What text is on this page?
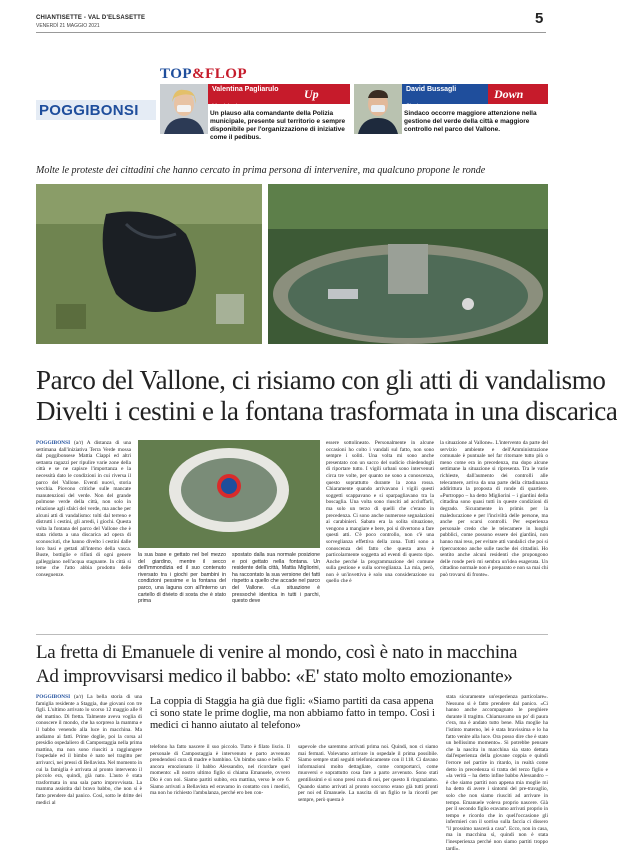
CHIANTISETTE - VAL D'ELSASETTE
VENERDÌ 21 MAGGIO 2021	5
POGGIBONSI
TOP&FLOP
Valentina Pagliarulo
Municipale
Up
Un plauso alla comandante della Polizia municipale, presente sul territorio e sempre disponibile per l'organizzazione di iniziative come il pedibus.
David Bussagli
Sindaco
Down
Sindaco occorre maggiore attenzione nella gestione del verde della città e maggiore controllo nel parco del Vallone.
Molte le proteste dei cittadini che hanno cercato in prima persona di intervenire, ma qualcuno propone le ronde
Parco del Vallone, ci risiamo con gli atti di vandalismo
Divelti i cestini e la fontana trasformata in una discarica
POGGIBONSI (a/r) A distanza di una settimana dall'iniziativa Terra Verde mossa dal poggibonsese Mattia Ciappi ed altri settanta ragazzi per ripulire varie zone della città e se ne capisce l'importanza e la necessità dato le condizioni in cui riversa il parco del Vallone. Eventi nuovi, storia vecchia. Piovono critiche sulle mancate manutenzioni del verde. Non del grande polmone verde della città, non solo in relazione agli sfalci del verde, ma anche per alcuni atti di vandalismo: tolti dal terreno e distrutti i cestini, gli arredi, i giochi. Questa volta la fontana del parco del Vallone che è stata ridotta a una discarica ad opera di sconosciuti, che hanno divelto i cestini dalle loro basi e gettati all'interno della vasca. Buste, bottiglie e rifiuti di ogni genere galleggiano nell'acqua stagnante. In città si teme che l'atto abbia prodotto delle conseguenze.
la sua base e gettato nel bel mezzo del giardino, mentre il secco dell'immondizia ed il suo contenuto riversato tra i giochi per bambini in condizioni pessime e la fontana del parco, una laguna con all'interno un cartello di divieto di sosta che è stato prima
spostato dalla sua normale posizione e poi gettato nella fontana. Un residente della città, Mattia Migliorini, ha raccontato la sua versione dei fatti rispetto a quello che accade nel parco del Vallone. «La situazione è pressoché identica in tutti i parchi, questo deve
essere sottolineato. Personalmente in alcune occasioni ho colto i vandali sul fatto, non sono sempre i soliti. Una volta mi sono anche presentato con un sacco del sudicio chiedendogli di riportare tutto. I vigili urbani sono intervenuti circa tre volte, per quanto ne sono a conoscenza, questo soprattutto durante la zona rossa. Chiaramente quando arrivavano i vigili questi soggetti scappavano e si sparpagliavano tra la boscaglia. Una volta sono riusciti ad acciuffarli, ma solo un terzo di quelli che c'erano in precedenza. Ci sono anche numerose segnalazioni ai carabinieri. Sabato era la solita situazione, vengono a mangiare e bere, poi si divertono a fare questi atti. C'è poco controllo, non c'è una sorveglianza effettiva della zona. Tutti sono a conoscenza del fatto che questa area è particolarmente soggetta ad eventi di questo tipo. Anche perché la programmazione del comune sulla gestione e sulla sorveglianza. La mia, però, non è un'invettiva è solo una considerazione su quello che è
la situazione al Vallone». L'intervento da parte del servizio ambiente e dell'Amministrazione comunale è puntuale nel far ritornare tutto più o meno come era in precedenza, ma dopo alcune settimane la situazione si ripresenta. Tra le varie richieste, dall'aumento dei controlli alle telecamere, arriva da una parte della cittadinanza addirittura la proposta di ronde di quartiere. «Purtroppo – ha detto Migliorini – i giardini della cittadina sono quasi tutti in queste condizioni di degrado. Sicuramente in primis per la maleducazione e per l'inciviltà delle persone, ma anche per scarsi controlli. Per esperienza personale credo che le telecamere in luoghi pubblici, come possono essere dei giardini, non hanno mai reso, per evitare atti vandalici che poi si ripercuotono anche sulle tasche dei cittadini. Ho sentito anche alcuni residenti che propongono delle ronde però mi sembra un'idea esagerata. Un cittadino normale non è preparato e non sa mai chi può trovarsi di fronte».
La fretta di Emanuele di venire al mondo, così è nato in macchina
Ad improvvisarsi medico il babbo: «E' stato molto emozionante»
POGGIBONSI (a/r) La bella storia di una famiglia residente a Staggia, due giovani con tre figli. L'ultimo arrivato lo scorso 12 maggio alle 8 del mattino. Di fretta. Talmente aveva voglia di conoscere il mondo, che ha sorpreso la mamma e il babbo venendo alla luce in macchina. Ma andiamo ai fatti. Prime doglie, poi la corsa al presidio ospedaliero di Campostaggia nella prima mattina, ma non sono riusciti a raggiungere l'ospedale ed il bimbo è nato nel tragitto per arrivarci, nei pressi di Bellavista. Nel momento in cui la famiglia è arrivata al pronto intervento il piccolo era, quindi, già nato. L'auto è stata trasformata in una sala parto improvvisata. La mamma assistita dal bravo babbo, che non si è fatto prendere dal panico. Così, sotto le dritte dei medici al
La coppia di Staggia ha già due figli: «Siamo partiti da casa appena ci sono state le prime doglie, ma non abbiamo fatto in tempo. Così i medici ci hanno aiutato al telefono»
telefono ha fatto nascere il suo piccolo. Tutto è filato liscio. Il personale di Campostaggia è intervenuto e parto avvenuto prendendosi cura di madre e bambino. Un bimbo sano e bello. E' ancora emozionato il babbo Alessandro, nel ricordare quel momento: «Il nostro ultimo figlio si chiama Emanuele, ovvero Dio è con noi. Siamo partiti subito, era mattina, verso le ore 6. Siamo arrivati a Bellavista ed eravamo in contatto con i medici, ma non ho richiesto l'ambulanza, perché ero ben con-
sapevole che saremmo arrivati prima noi. Quindi, non ci siamo mai fermati. Volevamo arrivare in ospedale il prima possibile. Siamo sempre stati seguiti telefonicamente con il 118. Ci davano informazioni molto dettagliate, come comportarci, come muoversi e soprattutto cosa fare a parto avvenuto. Sono stati gentilissimi e si sono presi cura di noi, per questo li ringraziamo. Quando siamo arrivati al pronto soccorso erano già tutti pronti per noi ed Emanuele. La nascita di un figlio te la ricordi per sempre, però questa è
stata sicuramente un'esperienza particolare». Nessuno si è fatto prendere dal panico. «Ci hanno anche accompagnato le preghiere durante il tragitto. Chiamavamo un po' di paura c'era, ma è andato tutto bene. Mia moglie ha l'istinto materno, lei è stata bravissima e lo ha fatto venire alla luce. Ora posso dire che è stato un bellissimo momento». Si potrebbe pensare che la nascita in macchina sia stato dettata dall'esperienza della giovane coppia e quindi l'errore nel partire in ritardo, in realtà come detto in precedenza si tratta del terzo figlio e «la verità – ha detto infine babbo Alessandro – è che siamo partiti non appena mia moglie mi ha detto di avere i sintomi del pre-travaglio, solo che non siamo riusciti ad arrivare in tempo. Emanuele voleva proprio nascere. Già per il secondo figlio eravamo arrivati proprio in tempo e ricordo che in quell'occasione gli infermieri con il sorriso sulla faccia ci dissero "il prossimo nascerà a casa". Ecco, non in casa, ma in macchina sì, quindi non è stata l'inesperienza perché non siamo partiti troppo tardi».
